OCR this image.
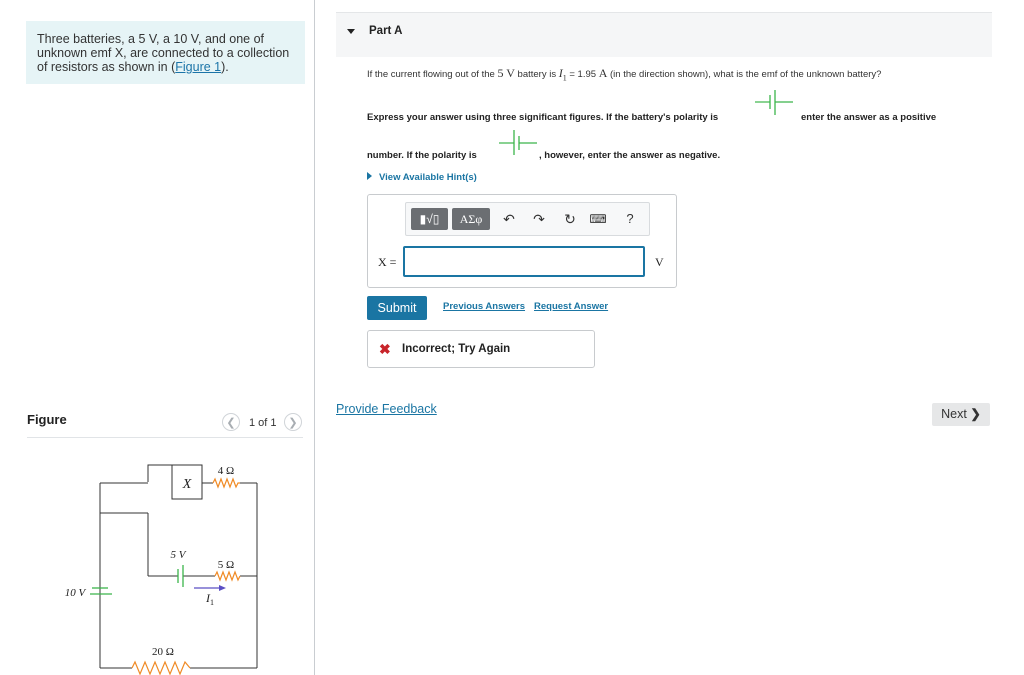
Three batteries, a 5 V, a 10 V, and one of unknown emf X, are connected to a collection of resistors as shown in (Figure 1).
Figure	❮	1 of 1	❯
X
4 Ω
5 V
5 Ω
10 V	$I_1$
20 Ω
Part A
If the current flowing out of the 5 V battery is $I_1 = 1.95$ A (in the direction shown), what is the emf of the unknown battery?
Express your answer using three significant figures. If the battery's polarity is	enter the answer as a positive
number. If the polarity is	, however, enter the answer as negative.
View Available Hint(s)
▮√▯	ΑΣφ	↶ ↷ ↻ ⌨	?
X =	V
Submit	Previous Answers Request Answer
✖ Incorrect; Try Again
Provide Feedback	Next ❯
